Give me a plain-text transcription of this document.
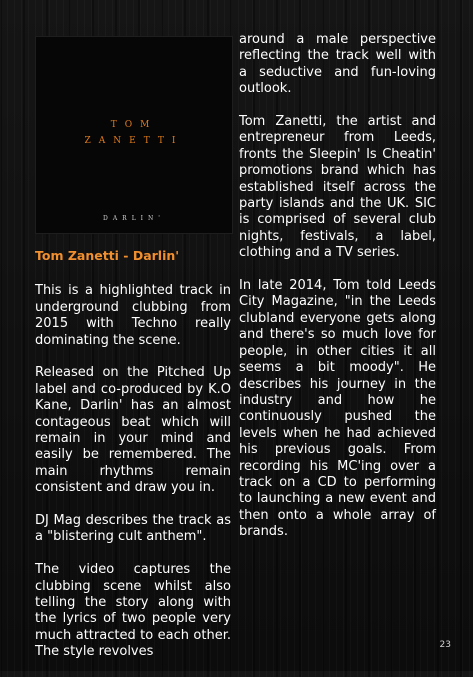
TOM
ZANETTI
DARLIN'

Tom Zanetti - Darlin'

This is a highlighted track in underground clubbing from 2015 with Techno really dominating the scene.

Released on the Pitched Up label and co-produced by K.O Kane, Darlin' has an almost contageous beat which will remain in your mind and easily be remembered. The main rhythms remain consistent and draw you in.

DJ Mag describes the track as a "blistering cult anthem".

The video captures the clubbing scene whilst also telling the story along with the lyrics of two people very much attracted to each other. The style revolves

around a male perspective reflecting the track well with a seductive and fun-loving outlook.

Tom Zanetti, the artist and entrepreneur from Leeds, fronts the Sleepin' Is Cheatin' promotions brand which has established itself across the party islands and the UK. SIC is comprised of several club nights, festivals, a label, clothing and a TV series.

In late 2014, Tom told Leeds City Magazine, "in the Leeds clubland everyone gets along and there's so much love for people, in other cities it all seems a bit moody". He describes his journey in the industry and how he continuously pushed the levels when he had achieved his previous goals. From recording his MC'ing over a track on a CD to performing to launching a new event and then onto a whole array of brands.

23
